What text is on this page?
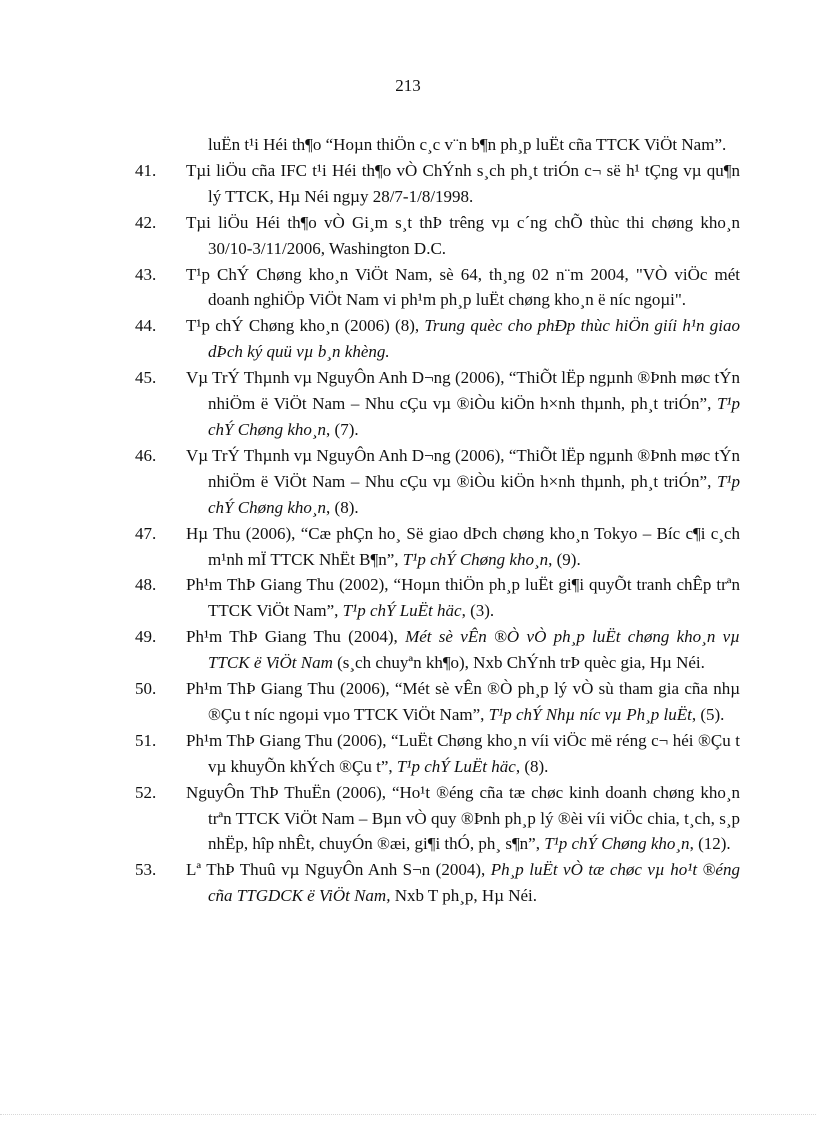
213
luËn t¹i Héi th¶o “Hoµn thiÖn c¸c v¨n b¶n ph¸p luËt cña TTCK ViÖt Nam”.
41. Tµi liÖu cña IFC t¹i Héi th¶o vÒ ChÝnh s¸ch ph¸t triÓn c¬ së h¹ tÇng vµ qu¶n lý TTCK, Hµ Néi ngµy 28/7-1/8/1998.
42. Tµi liÖu Héi th¶o vÒ Gi¸m s¸t thÞ trêng vµ c´ng chÕ thùc thi chøng kho¸n 30/10-3/11/2006, Washington D.C.
43. T¹p ChÝ Chøng kho¸n ViÖt Nam, sè 64, th¸ng 02 n¨m 2004, "VÒ viÖc mét doanh nghiÖp ViÖt Nam vi ph¹m ph¸p luËt chøng kho¸n ë níc ngoµi".
44. T¹p chÝ Chøng kho¸n (2006) (8), Trung quèc cho phÐp thùc hiÖn giíi h¹n giao dÞch ký quü vµ b¸n khèng.
45. Vµ TrÝ Thµnh vµ NguyÔn Anh D¬ng (2006), “ThiÕt lËp ngµnh ®Þnh møc tÝn nhiÖm ë ViÖt Nam – Nhu cÇu vµ ®iÒu kiÖn h×nh thµnh, ph¸t triÓn”, T¹p chÝ Chøng kho¸n, (7).
46. Vµ TrÝ Thµnh vµ NguyÔn Anh D¬ng (2006), “ThiÕt lËp ngµnh ®Þnh møc tÝn nhiÖm ë ViÖt Nam – Nhu cÇu vµ ®iÒu kiÖn h×nh thµnh, ph¸t triÓn”, T¹p chÝ Chøng kho¸n, (8).
47. Hµ Thu (2006), “Cæ phÇn ho¸ Së giao dÞch chøng kho¸n Tokyo – Bíc c¶i c¸ch m¹nh mÏ TTCK NhËt B¶n”, T¹p chÝ Chøng kho¸n, (9).
48. Ph¹m ThÞ Giang Thu (2002), “Hoµn thiÖn ph¸p luËt gi¶i quyÕt tranh chÊp trªn TTCK ViÖt Nam”, T¹p chÝ LuËt häc, (3).
49. Ph¹m ThÞ Giang Thu (2004), Mét sè vÊn ®Ò vÒ ph¸p luËt chøng kho¸n vµ TTCK ë ViÖt Nam (s¸ch chuyªn kh¶o), Nxb ChÝnh trÞ quèc gia, Hµ Néi.
50. Ph¹m ThÞ Giang Thu (2006), “Mét sè vÊn ®Ò ph¸p lý vÒ sù tham gia cña nhµ ®Çu t níc ngoµi vµo TTCK ViÖt Nam”, T¹p chÝ Nhµ níc vµ Ph¸p luËt, (5).
51. Ph¹m ThÞ Giang Thu (2006), “LuËt Chøng kho¸n víi viÖc më réng c¬ héi ®Çu t vµ khuyÕn khÝch ®Çu t”, T¹p chÝ LuËt häc, (8).
52. NguyÔn ThÞ ThuËn (2006), “Ho¹t ®éng cña tæ chøc kinh doanh chøng kho¸n trªn TTCK ViÖt Nam – Bµn vÒ quy ®Þnh ph¸p lý ®èi víi viÖc chia, t¸ch, s¸p nhËp, hîp nhÊt, chuyÓn ®æi, gi¶i thÓ, ph¸ s¶n”, T¹p chÝ Chøng kho¸n, (12).
53. Lª ThÞ Thuû vµ NguyÔn Anh S¬n (2004), Ph¸p luËt vÒ tæ chøc vµ ho¹t ®éng cña TTGDCK ë ViÖt Nam, Nxb T ph¸p, Hµ Néi.
